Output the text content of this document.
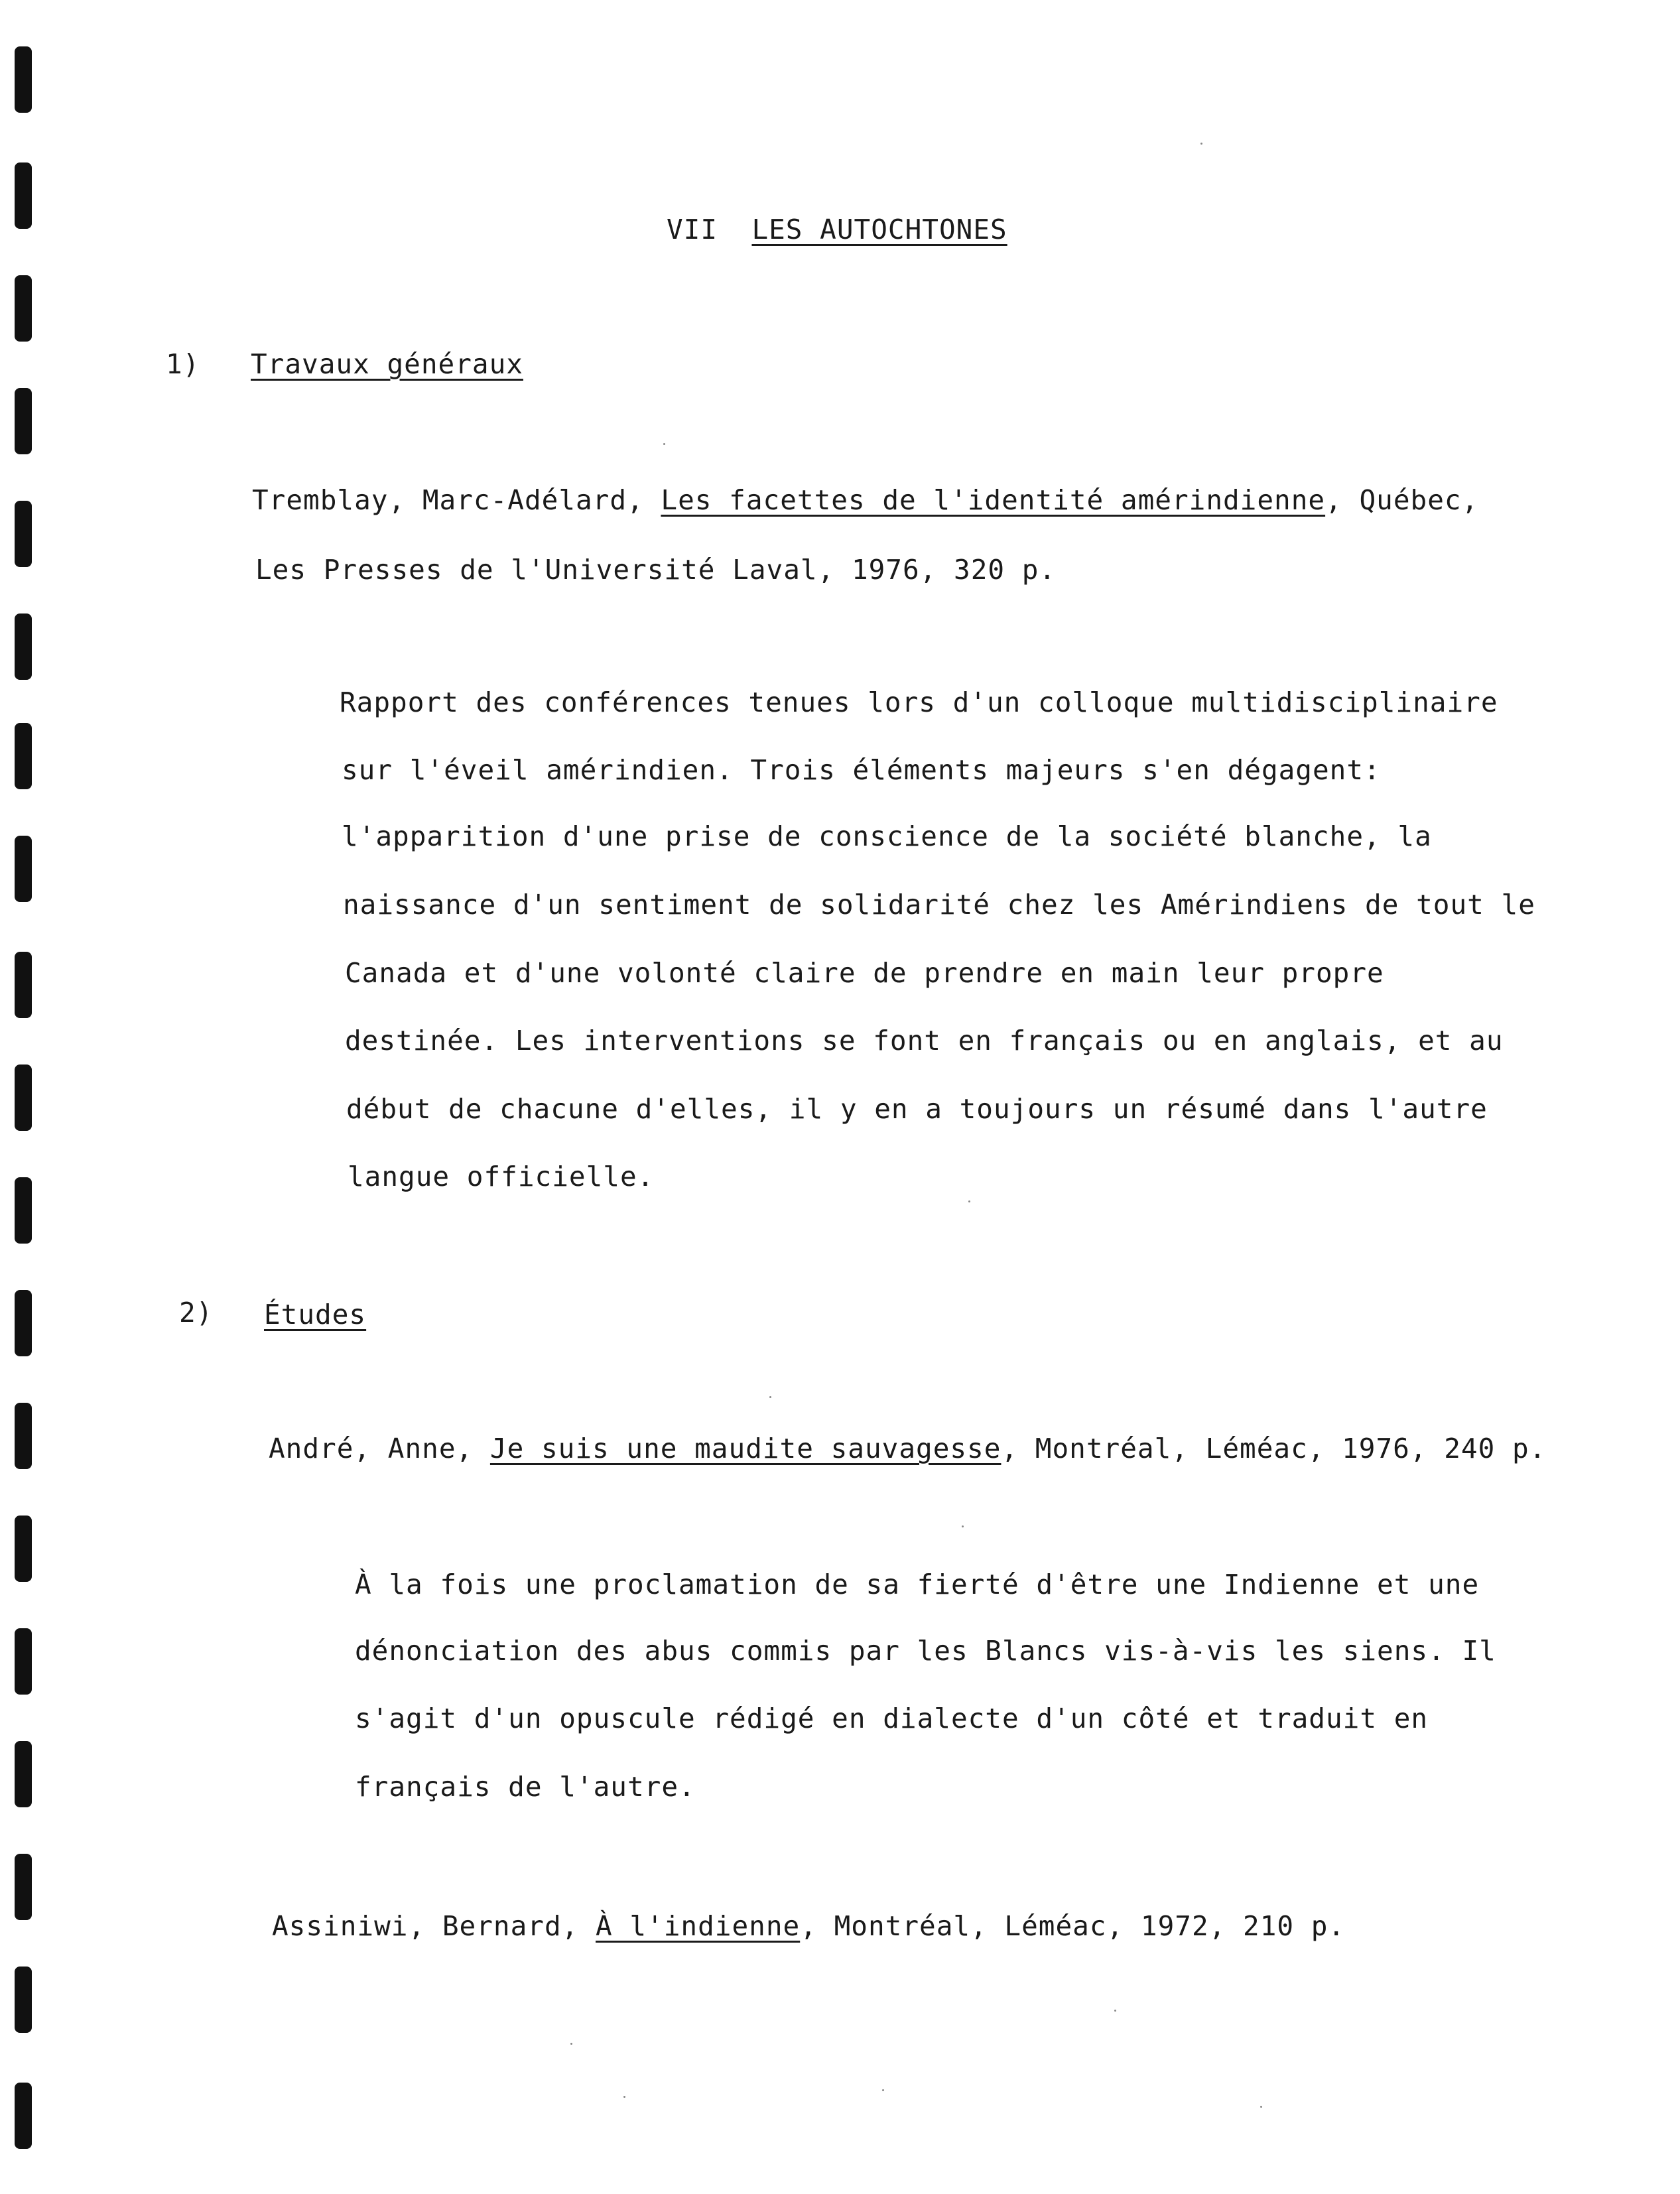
VII LES AUTOCHTONES
1) Travaux généraux
Tremblay, Marc-Adélard, Les facettes de l'identité amérindienne, Québec,
Les Presses de l'Université Laval, 1976, 320 p.
Rapport des conférences tenues lors d'un colloque multidisciplinaire
sur l'éveil amérindien. Trois éléments majeurs s'en dégagent:
l'apparition d'une prise de conscience de la société blanche, la
naissance d'un sentiment de solidarité chez les Amérindiens de tout le
Canada et d'une volonté claire de prendre en main leur propre
destinée. Les interventions se font en français ou en anglais, et au
début de chacune d'elles, il y en a toujours un résumé dans l'autre
langue officielle.
2) Études
André, Anne, Je suis une maudite sauvagesse, Montréal, Léméac, 1976, 240 p.
À la fois une proclamation de sa fierté d'être une Indienne et une
dénonciation des abus commis par les Blancs vis-à-vis les siens. Il
s'agit d'un opuscule rédigé en dialecte d'un côté et traduit en
français de l'autre.
Assiniwi, Bernard, À l'indienne, Montréal, Léméac, 1972, 210 p.
